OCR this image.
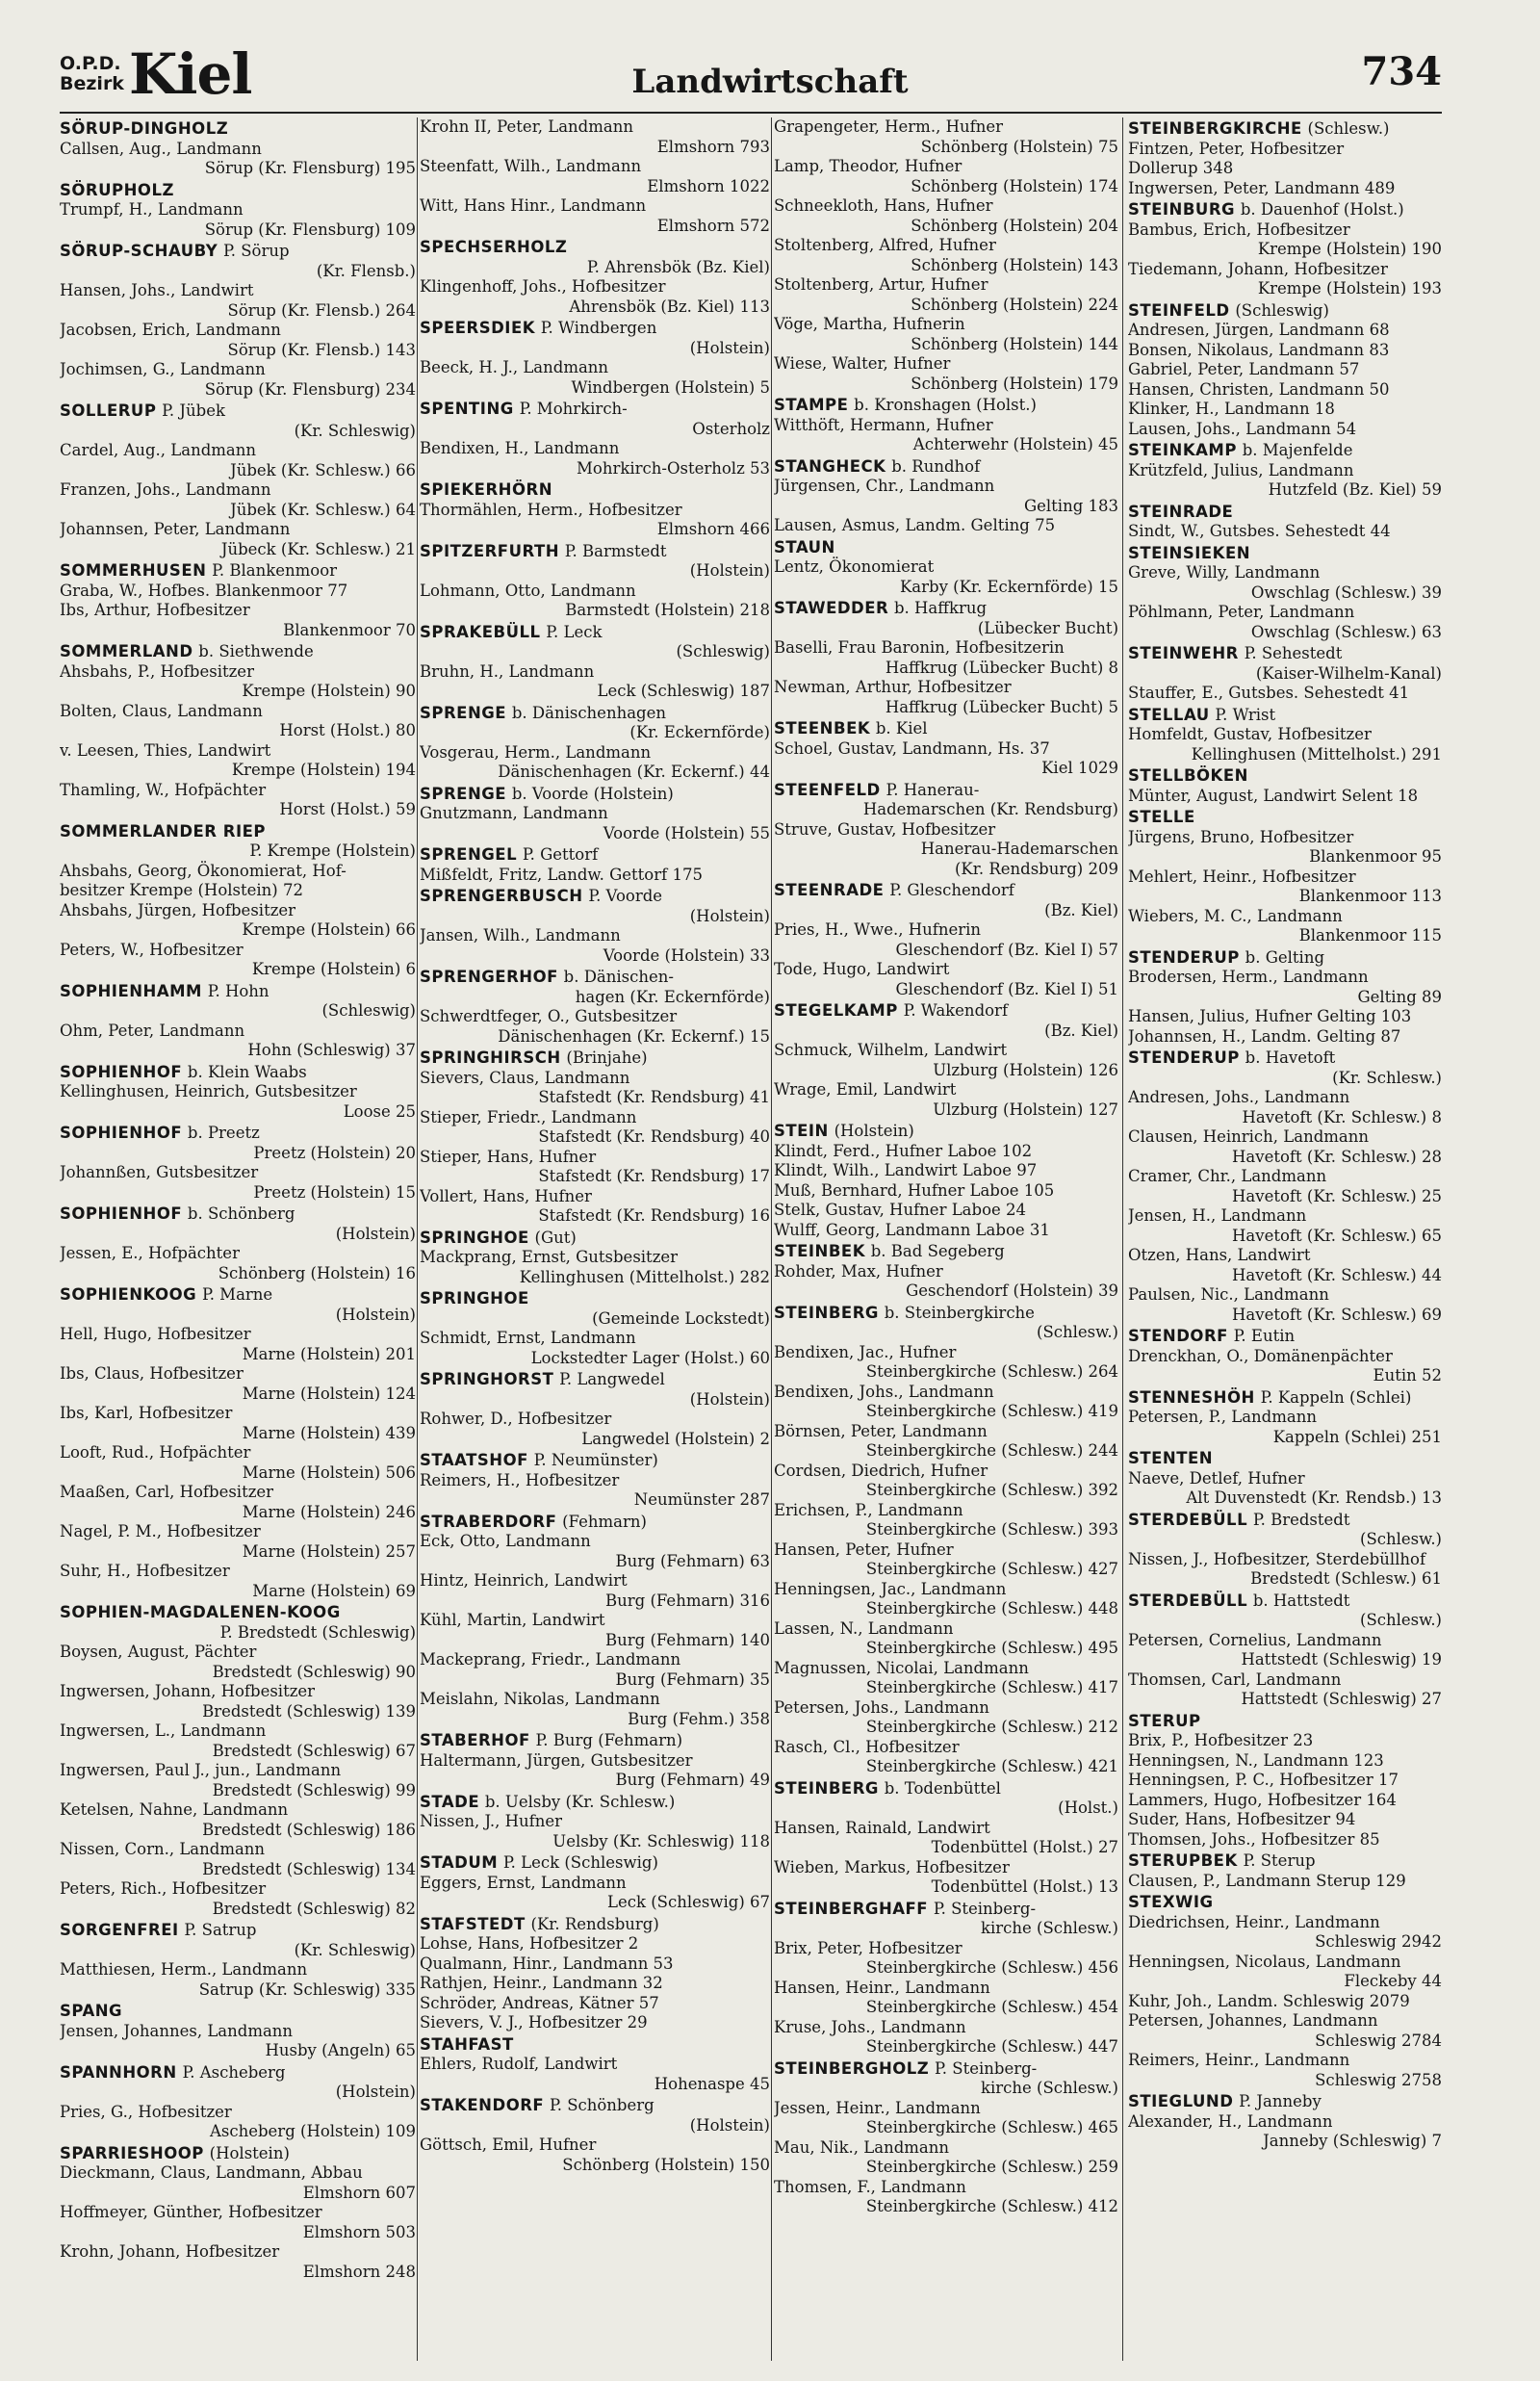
O.P.D.
Bezirk Kiel	Landwirtschaft	734
SÖRUP-DINGHOLZ
Callsen, Aug., Landmann
Sörup (Kr. Flensburg) 195
SÖRUPHOLZ
Trumpf, H., Landmann
Sörup (Kr. Flensburg) 109
SÖRUP-SCHAUBY P. Sörup
(Kr. Flensb.)
Hansen, Johs., Landwirt
Sörup (Kr. Flensb.) 264
Jacobsen, Erich, Landmann
Sörup (Kr. Flensb.) 143
Jochimsen, G., Landmann
Sörup (Kr. Flensburg) 234
SOLLERUP P. Jübek
(Kr. Schleswig)
Cardel, Aug., Landmann
Jübek (Kr. Schlesw.) 66
Franzen, Johs., Landmann
Jübek (Kr. Schlesw.) 64
Johannsen, Peter, Landmann
Jübeck (Kr. Schlesw.) 21
SOMMERHUSEN P. Blankenmoor
Graba, W., Hofbes. Blankenmoor 77
Ibs, Arthur, Hofbesitzer
Blankenmoor 70
SOMMERLAND b. Siethwende
Ahsbahs, P., Hofbesitzer
Krempe (Holstein) 90
Bolten, Claus, Landmann
Horst (Holst.) 80
v. Leesen, Thies, Landwirt
Krempe (Holstein) 194
Thamling, W., Hofpächter
Horst (Holst.) 59
SOMMERLANDER RIEP
P. Krempe (Holstein)
Ahsbahs, Georg, Ökonomierat, Hof-
besitzer Krempe (Holstein) 72
Ahsbahs, Jürgen, Hofbesitzer
Krempe (Holstein) 66
Peters, W., Hofbesitzer
Krempe (Holstein) 6
SOPHIENHAMM P. Hohn
(Schleswig)
Ohm, Peter, Landmann
Hohn (Schleswig) 37
SOPHIENHOF b. Klein Waabs
Kellinghusen, Heinrich, Gutsbesitzer
Loose 25
SOPHIENHOF b. Preetz
Preetz (Holstein) 20
Johannßen, Gutsbesitzer
Preetz (Holstein) 15
SOPHIENHOF b. Schönberg
(Holstein)
Jessen, E., Hofpächter
Schönberg (Holstein) 16
SOPHIENKOOG P. Marne
(Holstein)
Hell, Hugo, Hofbesitzer
Marne (Holstein) 201
Ibs, Claus, Hofbesitzer
Marne (Holstein) 124
Ibs, Karl, Hofbesitzer
Marne (Holstein) 439
Looft, Rud., Hofpächter
Marne (Holstein) 506
Maaßen, Carl, Hofbesitzer
Marne (Holstein) 246
Nagel, P. M., Hofbesitzer
Marne (Holstein) 257
Suhr, H., Hofbesitzer
Marne (Holstein) 69
SOPHIEN-MAGDALENEN-KOOG
P. Bredstedt (Schleswig)
Boysen, August, Pächter
Bredstedt (Schleswig) 90
Ingwersen, Johann, Hofbesitzer
Bredstedt (Schleswig) 139
Ingwersen, L., Landmann
Bredstedt (Schleswig) 67
Ingwersen, Paul J., jun., Landmann
Bredstedt (Schleswig) 99
Ketelsen, Nahne, Landmann
Bredstedt (Schleswig) 186
Nissen, Corn., Landmann
Bredstedt (Schleswig) 134
Peters, Rich., Hofbesitzer
Bredstedt (Schleswig) 82
SORGENFREI P. Satrup
(Kr. Schleswig)
Matthiesen, Herm., Landmann
Satrup (Kr. Schleswig) 335
SPANG
Jensen, Johannes, Landmann
Husby (Angeln) 65
SPANNHORN P. Ascheberg
(Holstein)
Pries, G., Hofbesitzer
Ascheberg (Holstein) 109
SPARRIESHOOP (Holstein)
Dieckmann, Claus, Landmann, Abbau
Elmshorn 607
Hoffmeyer, Günther, Hofbesitzer
Elmshorn 503
Krohn, Johann, Hofbesitzer
Elmshorn 248
Krohn II, Peter, Landmann
Elmshorn 793
Steenfatt, Wilh., Landmann
Elmshorn 1022
Witt, Hans Hinr., Landmann
Elmshorn 572
SPECHSERHOLZ
P. Ahrensbök (Bz. Kiel)
Klingenhoff, Johs., Hofbesitzer
Ahrensbök (Bz. Kiel) 113
SPEERSDIEK P. Windbergen
(Holstein)
Beeck, H. J., Landmann
Windbergen (Holstein) 5
SPENTING P. Mohrkirch-
Osterholz
Bendixen, H., Landmann
Mohrkirch-Osterholz 53
SPIEKERHÖRN
Thormählen, Herm., Hofbesitzer
Elmshorn 466
SPITZERFURTH P. Barmstedt
(Holstein)
Lohmann, Otto, Landmann
Barmstedt (Holstein) 218
SPRAKEBÜLL P. Leck
(Schleswig)
Bruhn, H., Landmann
Leck (Schleswig) 187
SPRENGE b. Dänischenhagen
(Kr. Eckernförde)
Vosgerau, Herm., Landmann
Dänischenhagen (Kr. Eckernf.) 44
SPRENGE b. Voorde (Holstein)
Gnutzmann, Landmann
Voorde (Holstein) 55
SPRENGEL P. Gettorf
Mißfeldt, Fritz, Landw. Gettorf 175
SPRENGERBUSCH P. Voorde
(Holstein)
Jansen, Wilh., Landmann
Voorde (Holstein) 33
SPRENGERHOF b. Dänischen-
hagen (Kr. Eckernförde)
Schwerdtfeger, O., Gutsbesitzer
Dänischenhagen (Kr. Eckernf.) 15
SPRINGHIRSCH (Brinjahe)
Sievers, Claus, Landmann
Stafstedt (Kr. Rendsburg) 41
Stieper, Friedr., Landmann
Stafstedt (Kr. Rendsburg) 40
Stieper, Hans, Hufner
Stafstedt (Kr. Rendsburg) 17
Vollert, Hans, Hufner
Stafstedt (Kr. Rendsburg) 16
SPRINGHOE (Gut)
Mackprang, Ernst, Gutsbesitzer
Kellinghusen (Mittelholst.) 282
SPRINGHOE
(Gemeinde Lockstedt)
Schmidt, Ernst, Landmann
Lockstedter Lager (Holst.) 60
SPRINGHORST P. Langwedel
(Holstein)
Rohwer, D., Hofbesitzer
Langwedel (Holstein) 2
STAATSHOF P. Neumünster)
Reimers, H., Hofbesitzer
Neumünster 287
STRABERDORF (Fehmarn)
Eck, Otto, Landmann
Burg (Fehmarn) 63
Hintz, Heinrich, Landwirt
Burg (Fehmarn) 316
Kühl, Martin, Landwirt
Burg (Fehmarn) 140
Mackeprang, Friedr., Landmann
Burg (Fehmarn) 35
Meislahn, Nikolas, Landmann
Burg (Fehm.) 358
STABERHOF P. Burg (Fehmarn)
Haltermann, Jürgen, Gutsbesitzer
Burg (Fehmarn) 49
STADE b. Uelsby (Kr. Schlesw.)
Nissen, J., Hufner
Uelsby (Kr. Schleswig) 118
STADUM P. Leck (Schleswig)
Eggers, Ernst, Landmann
Leck (Schleswig) 67
STAFSTEDT (Kr. Rendsburg)
Lohse, Hans, Hofbesitzer 2
Qualmann, Hinr., Landmann 53
Rathjen, Heinr., Landmann 32
Schröder, Andreas, Kätner 57
Sievers, V. J., Hofbesitzer 29
STAHFAST
Ehlers, Rudolf, Landwirt
Hohenaspe 45
STAKENDORF P. Schönberg
(Holstein)
Göttsch, Emil, Hufner
Schönberg (Holstein) 150
Grapengeter, Herm., Hufner
Schönberg (Holstein) 75
Lamp, Theodor, Hufner
Schönberg (Holstein) 174
Schneekloth, Hans, Hufner
Schönberg (Holstein) 204
Stoltenberg, Alfred, Hufner
Schönberg (Holstein) 143
Stoltenberg, Artur, Hufner
Schönberg (Holstein) 224
Vöge, Martha, Hufnerin
Schönberg (Holstein) 144
Wiese, Walter, Hufner
Schönberg (Holstein) 179
STAMPE b. Kronshagen (Holst.)
Witthöft, Hermann, Hufner
Achterwehr (Holstein) 45
STANGHECK b. Rundhof
Jürgensen, Chr., Landmann
Gelting 183
Lausen, Asmus, Landm. Gelting 75
STAUN
Lentz, Ökonomierat
Karby (Kr. Eckernförde) 15
STAWEDDER b. Haffkrug
(Lübecker Bucht)
Baselli, Frau Baronin, Hofbesitzerin
Haffkrug (Lübecker Bucht) 8
Newman, Arthur, Hofbesitzer
Haffkrug (Lübecker Bucht) 5
STEENBEK b. Kiel
Schoel, Gustav, Landmann, Hs. 37
Kiel 1029
STEENFELD P. Hanerau-
Hademarschen (Kr. Rendsburg)
Struve, Gustav, Hofbesitzer
Hanerau-Hademarschen
(Kr. Rendsburg) 209
STEENRADE P. Gleschendorf
(Bz. Kiel)
Pries, H., Wwe., Hufnerin
Gleschendorf (Bz. Kiel I) 57
Tode, Hugo, Landwirt
Gleschendorf (Bz. Kiel I) 51
STEGELKAMP P. Wakendorf
(Bz. Kiel)
Schmuck, Wilhelm, Landwirt
Ulzburg (Holstein) 126
Wrage, Emil, Landwirt
Ulzburg (Holstein) 127
STEIN (Holstein)
Klindt, Ferd., Hufner Laboe 102
Klindt, Wilh., Landwirt Laboe 97
Muß, Bernhard, Hufner Laboe 105
Stelk, Gustav, Hufner Laboe 24
Wulff, Georg, Landmann Laboe 31
STEINBEK b. Bad Segeberg
Rohder, Max, Hufner
Geschendorf (Holstein) 39
STEINBERG b. Steinbergkirche
(Schlesw.)
Bendixen, Jac., Hufner
Steinbergkirche (Schlesw.) 264
Bendixen, Johs., Landmann
Steinbergkirche (Schlesw.) 419
Börnsen, Peter, Landmann
Steinbergkirche (Schlesw.) 244
Cordsen, Diedrich, Hufner
Steinbergkirche (Schlesw.) 392
Erichsen, P., Landmann
Steinbergkirche (Schlesw.) 393
Hansen, Peter, Hufner
Steinbergkirche (Schlesw.) 427
Henningsen, Jac., Landmann
Steinbergkirche (Schlesw.) 448
Lassen, N., Landmann
Steinbergkirche (Schlesw.) 495
Magnussen, Nicolai, Landmann
Steinbergkirche (Schlesw.) 417
Petersen, Johs., Landmann
Steinbergkirche (Schlesw.) 212
Rasch, Cl., Hofbesitzer
Steinbergkirche (Schlesw.) 421
STEINBERG b. Todenbüttel
(Holst.)
Hansen, Rainald, Landwirt
Todenbüttel (Holst.) 27
Wieben, Markus, Hofbesitzer
Todenbüttel (Holst.) 13
STEINBERGHAFF P. Steinberg-
kirche (Schlesw.)
Brix, Peter, Hofbesitzer
Steinbergkirche (Schlesw.) 456
Hansen, Heinr., Landmann
Steinbergkirche (Schlesw.) 454
Kruse, Johs., Landmann
Steinbergkirche (Schlesw.) 447
STEINBERGHOLZ P. Steinberg-
kirche (Schlesw.)
Jessen, Heinr., Landmann
Steinbergkirche (Schlesw.) 465
Mau, Nik., Landmann
Steinbergkirche (Schlesw.) 259
Thomsen, F., Landmann
Steinbergkirche (Schlesw.) 412
STEINBERGKIRCHE (Schlesw.)
Fintzen, Peter, Hofbesitzer
Dollerup 348
Ingwersen, Peter, Landmann 489
STEINBURG b. Dauenhof (Holst.)
Bambus, Erich, Hofbesitzer
Krempe (Holstein) 190
Tiedemann, Johann, Hofbesitzer
Krempe (Holstein) 193
STEINFELD (Schleswig)
Andresen, Jürgen, Landmann 68
Bonsen, Nikolaus, Landmann 83
Gabriel, Peter, Landmann 57
Hansen, Christen, Landmann 50
Klinker, H., Landmann 18
Lausen, Johs., Landmann 54
STEINKAMP b. Majenfelde
Krützfeld, Julius, Landmann
Hutzfeld (Bz. Kiel) 59
STEINRADE
Sindt, W., Gutsbes. Sehestedt 44
STEINSIEKEN
Greve, Willy, Landmann
Owschlag (Schlesw.) 39
Pöhlmann, Peter, Landmann
Owschlag (Schlesw.) 63
STEINWEHR P. Sehestedt
(Kaiser-Wilhelm-Kanal)
Stauffer, E., Gutsbes. Sehestedt 41
STELLAU P. Wrist
Homfeldt, Gustav, Hofbesitzer
Kellinghusen (Mittelholst.) 291
STELLBÖKEN
Münter, August, Landwirt Selent 18
STELLE
Jürgens, Bruno, Hofbesitzer
Blankenmoor 95
Mehlert, Heinr., Hofbesitzer
Blankenmoor 113
Wiebers, M. C., Landmann
Blankenmoor 115
STENDERUP b. Gelting
Brodersen, Herm., Landmann
Gelting 89
Hansen, Julius, Hufner Gelting 103
Johannsen, H., Landm. Gelting 87
STENDERUP b. Havetoft
(Kr. Schlesw.)
Andresen, Johs., Landmann
Havetoft (Kr. Schlesw.) 8
Clausen, Heinrich, Landmann
Havetoft (Kr. Schlesw.) 28
Cramer, Chr., Landmann
Havetoft (Kr. Schlesw.) 25
Jensen, H., Landmann
Havetoft (Kr. Schlesw.) 65
Otzen, Hans, Landwirt
Havetoft (Kr. Schlesw.) 44
Paulsen, Nic., Landmann
Havetoft (Kr. Schlesw.) 69
STENDORF P. Eutin
Drenckhan, O., Domänenpächter
Eutin 52
STENNESHÖH P. Kappeln (Schlei)
Petersen, P., Landmann
Kappeln (Schlei) 251
STENTEN
Naeve, Detlef, Hufner
Alt Duvenstedt (Kr. Rendsb.) 13
STERDEBÜLL P. Bredstedt
(Schlesw.)
Nissen, J., Hofbesitzer, Sterdebüllhof
Bredstedt (Schlesw.) 61
STERDEBÜLL b. Hattstedt
(Schlesw.)
Petersen, Cornelius, Landmann
Hattstedt (Schleswig) 19
Thomsen, Carl, Landmann
Hattstedt (Schleswig) 27
STERUP
Brix, P., Hofbesitzer 23
Henningsen, N., Landmann 123
Henningsen, P. C., Hofbesitzer 17
Lammers, Hugo, Hofbesitzer 164
Suder, Hans, Hofbesitzer 94
Thomsen, Johs., Hofbesitzer 85
STERUPBEK P. Sterup
Clausen, P., Landmann Sterup 129
STEXWIG
Diedrichsen, Heinr., Landmann
Schleswig 2942
Henningsen, Nicolaus, Landmann
Fleckeby 44
Kuhr, Joh., Landm. Schleswig 2079
Petersen, Johannes, Landmann
Schleswig 2784
Reimers, Heinr., Landmann
Schleswig 2758
STIEGLUND P. Janneby
Alexander, H., Landmann
Janneby (Schleswig) 7
